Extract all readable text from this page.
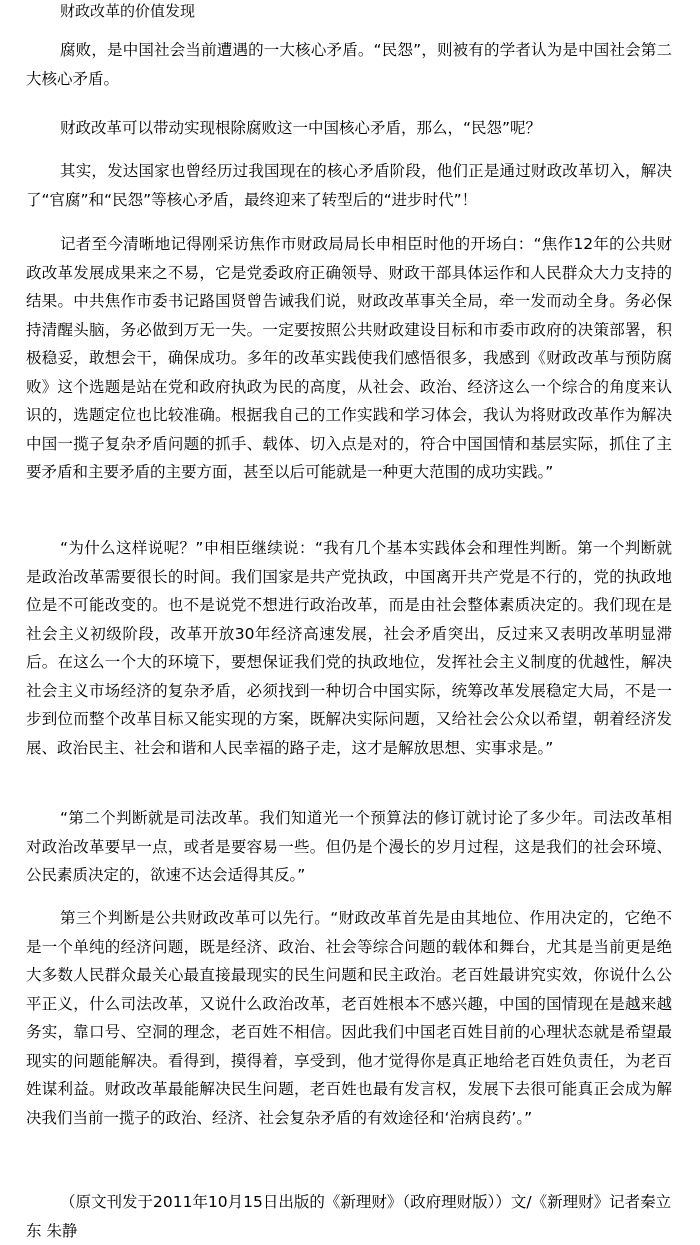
财政改革的价值发现

腐败，是中国社会当前遭遇的一大核心矛盾。“民怨”，则被有的学者认为是中国社会第二大核心矛盾。

财政改革可以带动实现根除腐败这一中国核心矛盾，那么，“民怨”呢？

其实，发达国家也曾经历过我国现在的核心矛盾阶段，他们正是通过财政改革切入，解决了“官腐”和“民怨”等核心矛盾，最终迎来了转型后的“进步时代”！

记者至今清晰地记得刚采访焦作市财政局局长申相臣时他的开场白：“焦作12年的公共财政改革发展成果来之不易，它是党委政府正确领导、财政干部具体运作和人民群众大力支持的结果。中共焦作市委书记路国贤曾告诫我们说，财政改革事关全局，牵一发而动全身。务必保持清醒头脑，务必做到万无一失。一定要按照公共财政建设目标和市委市政府的决策部署，积极稳妥，敢想会干，确保成功。多年的改革实践使我们感悟很多，我感到《财政改革与预防腐败》这个选题是站在党和政府执政为民的高度，从社会、政治、经济这么一个综合的角度来认识的，选题定位也比较准确。根据我自己的工作实践和学习体会，我认为将财政改革作为解决中国一揽子复杂矛盾问题的抓手、载体、切入点是对的，符合中国国情和基层实际，抓住了主要矛盾和主要矛盾的主要方面，甚至以后可能就是一种更大范围的成功实践。”

“为什么这样说呢？”申相臣继续说：“我有几个基本实践体会和理性判断。第一个判断就是政治改革需要很长的时间。我们国家是共产党执政，中国离开共产党是不行的，党的执政地位是不可能改变的。也不是说党不想进行政治改革，而是由社会整体素质决定的。我们现在是社会主义初级阶段，改革开放30年经济高速发展，社会矛盾突出，反过来又表明改革明显滞后。在这么一个大的环境下，要想保证我们党的执政地位，发挥社会主义制度的优越性，解决社会主义市场经济的复杂矛盾，必须找到一种切合中国实际，统筹改革发展稳定大局，不是一步到位而整个改革目标又能实现的方案，既解决实际问题，又给社会公众以希望，朝着经济发展、政治民主、社会和谐和人民幸福的路子走，这才是解放思想、实事求是。”

“第二个判断就是司法改革。我们知道光一个预算法的修订就讨论了多少年。司法改革相对政治改革要早一点，或者是要容易一些。但仍是个漫长的岁月过程，这是我们的社会环境、公民素质决定的，欲速不达会适得其反。”

第三个判断是公共财政改革可以先行。“财政改革首先是由其地位、作用决定的，它绝不是一个单纯的经济问题，既是经济、政治、社会等综合问题的载体和舞台，尤其是当前更是绝大多数人民群众最关心最直接最现实的民生问题和民主政治。老百姓最讲究实效，你说什么公平正义，什么司法改革，又说什么政治改革，老百姓根本不感兴趣，中国的国情现在是越来越务实，靠口号、空洞的理念，老百姓不相信。因此我们中国老百姓目前的心理状态就是希望最现实的问题能解决。看得到，摸得着，享受到，他才觉得你是真正地给老百姓负责任，为老百姓谋利益。财政改革最能解决民生问题，老百姓也最有发言权，发展下去很可能真正会成为解决我们当前一揽子的政治、经济、社会复杂矛盾的有效途径和‘治病良药’。”

（原文刊发于2011年10月15日出版的《新理财》（政府理财版））文/《新理财》记者秦立东 朱静
